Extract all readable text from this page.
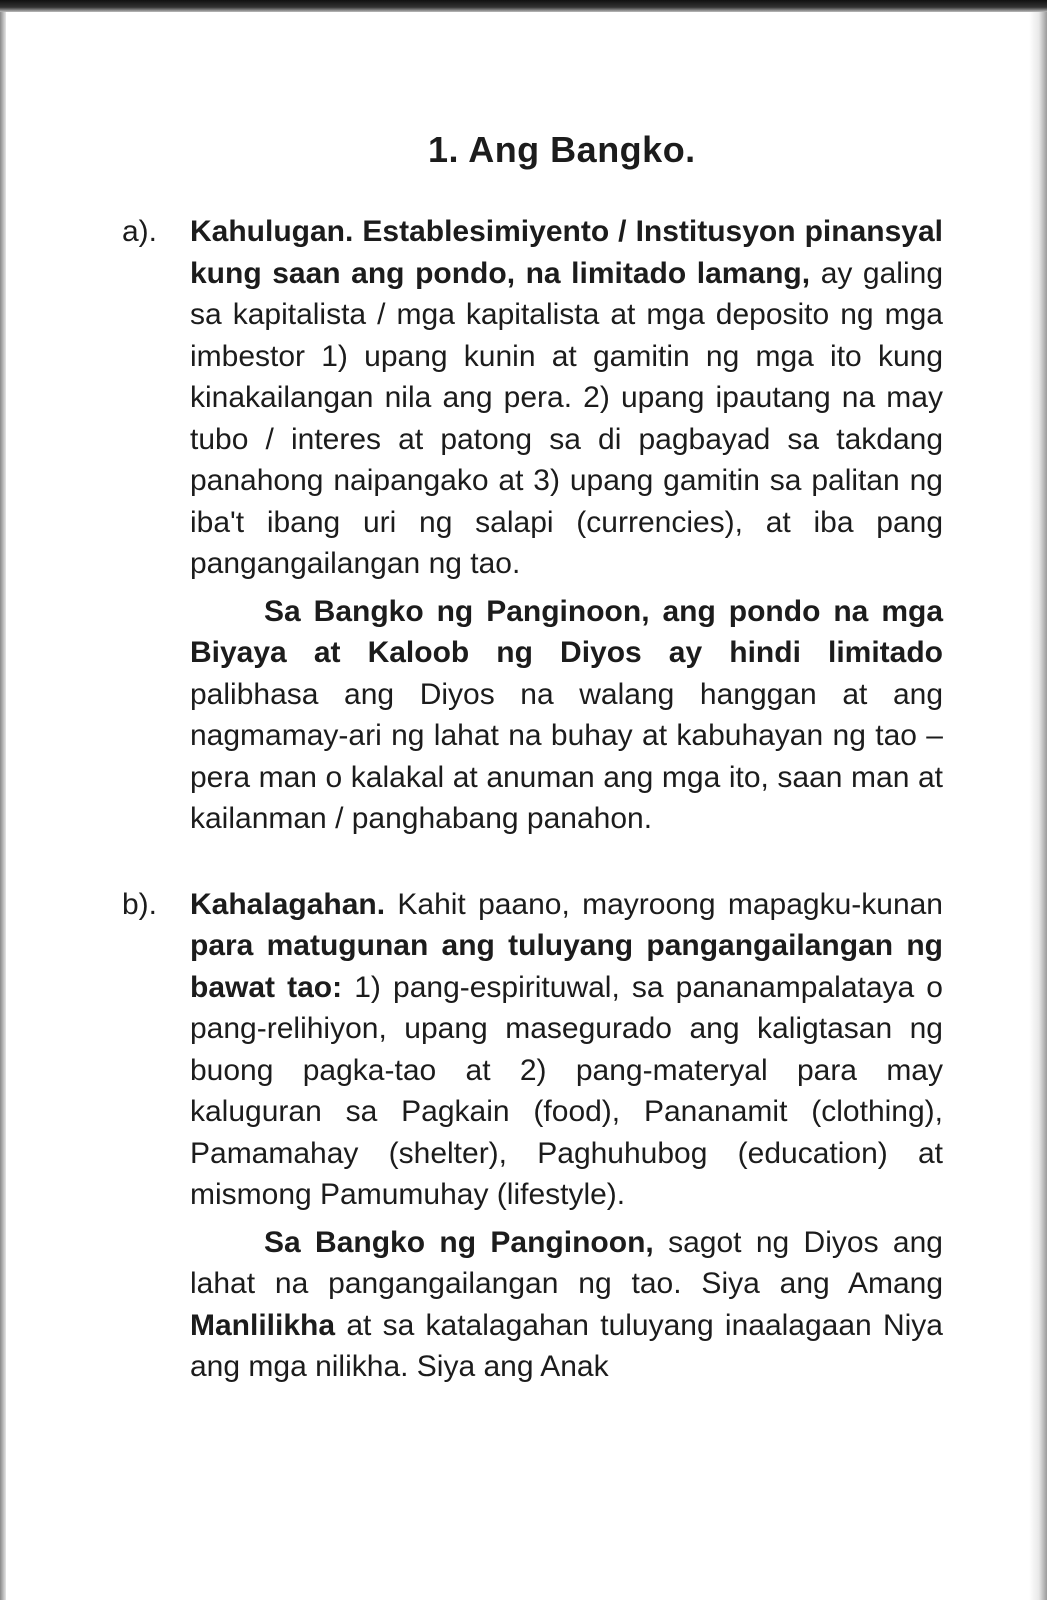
1. Ang Bangko.
a).	Kahulugan. Establesimiyento / Institusyon pinansyal kung saan ang pondo, na limitado lamang, ay galing sa kapitalista / mga kapitalista at mga deposito ng mga imbestor 1) upang kunin at gamitin ng mga ito kung kinakailangan nila ang pera. 2) upang ipautang na may tubo / interes at patong sa di pagbayad sa takdang panahong naipangako at 3) upang gamitin sa palitan ng iba't ibang uri ng salapi (currencies), at iba pang pangangailangan ng tao.

Sa Bangko ng Panginoon, ang pondo na mga Biyaya at Kaloob ng Diyos ay hindi limitado palibhasa ang Diyos na walang hanggan at ang nagmamay-ari ng lahat na buhay at kabuhayan ng tao – pera man o kalakal at anuman ang mga ito, saan man at kailanman / panghabang panahon.

b).	Kahalagahan. Kahit paano, mayroong mapagku-kunan para matugunan ang tuluyang pangangailangan ng bawat tao: 1) pang-espirituwal, sa pananampalataya o pang-relihiyon, upang masegurado ang kaligtasan ng buong pagka-tao at 2) pang-materyal para may kaluguran sa Pagkain (food), Pananamit (clothing), Pamamahay (shelter), Paghuhubog (education) at mismong Pamumuhay (lifestyle).

Sa Bangko ng Panginoon, sagot ng Diyos ang lahat na pangangailangan ng tao. Siya ang Amang Manlilikha at sa katalagahan tuluyang inaalagaan Niya ang mga nilikha. Siya ang Anak
